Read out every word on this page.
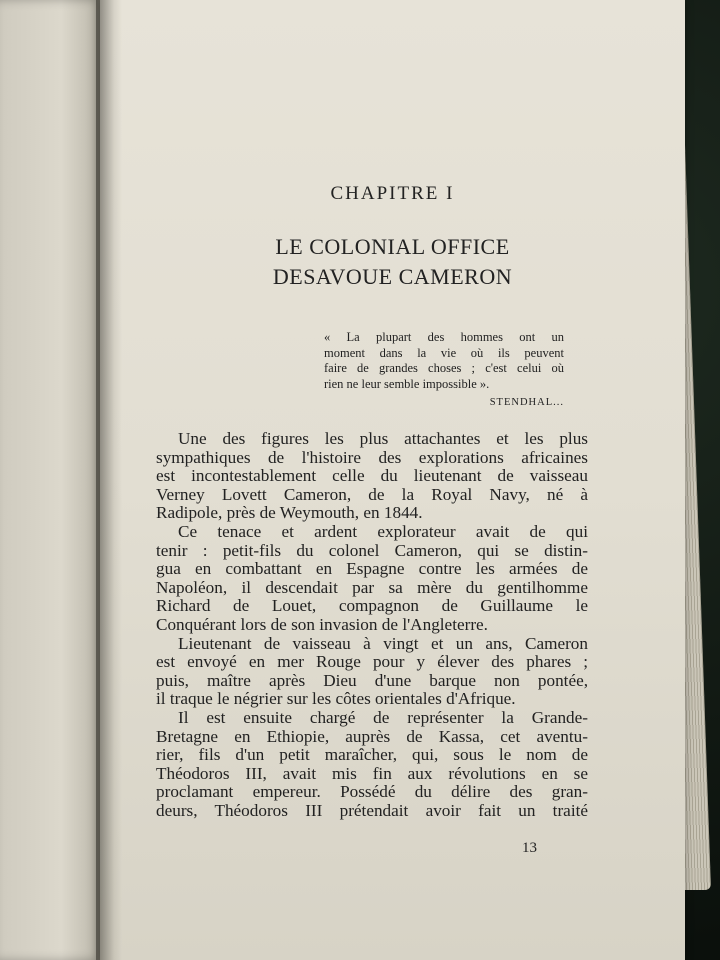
CHAPITRE I
LE COLONIAL OFFICE
DESAVOUE CAMERON
« La plupart des hommes ont un
moment dans la vie où ils peuvent
faire de grandes choses ; c'est celui où
rien ne leur semble impossible ».
STENDHAL...
Une des figures les plus attachantes et les plus
sympathiques de l'histoire des explorations africaines
est incontestablement celle du lieutenant de vaisseau
Verney Lovett Cameron, de la Royal Navy, né à
Radipole, près de Weymouth, en 1844.
Ce tenace et ardent explorateur avait de qui
tenir : petit-fils du colonel Cameron, qui se distin-
gua en combattant en Espagne contre les armées de
Napoléon, il descendait par sa mère du gentilhomme
Richard de Louet, compagnon de Guillaume le
Conquérant lors de son invasion de l'Angleterre.
Lieutenant de vaisseau à vingt et un ans, Cameron
est envoyé en mer Rouge pour y élever des phares ;
puis, maître après Dieu d'une barque non pontée,
il traque le négrier sur les côtes orientales d'Afrique.
Il est ensuite chargé de représenter la Grande-
Bretagne en Ethiopie, auprès de Kassa, cet aventu-
rier, fils d'un petit maraîcher, qui, sous le nom de
Théodoros III, avait mis fin aux révolutions en se
proclamant empereur. Possédé du délire des gran-
deurs, Théodoros III prétendait avoir fait un traité
13
